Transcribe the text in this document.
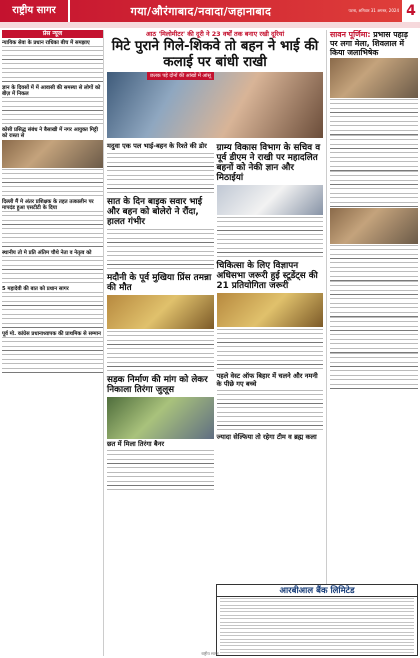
राष्ट्रीय सागर	गया/औरंगाबाद/नवादा/जहानाबाद	पटना, शनिवार 31 अगस्त, 2024 4
प्रेस न्यूज
न्यायिक सेवा के प्रधान राधिका बीच में समझाए
ज्ञान के दिवसों में में आवासी की समस्या से लोगों को बीज़ में निकल
कोसी प्रसिद्ध संबंध ने बैसाखी में नगर आयुक्त मिट्टी को रास्ता से
दिल्ली मैं मे अंतर प्रशिक्षक के तहत तत्कालीन पर मापदंड हुआ एसटीटी के दिया
स्थानीय तो मे प्रति अंतिम चौथे नेता व नेतृत्व को
5 महादेवी की बात को प्रधान सागर
पूर्व मो. कांग्रेस प्रधानाध्यापक की प्राथमिक से सम्मान
आठ 'मिलोमीटर' की दूरी ने 23 वर्षों तक बनाए रखी दूरियां
मिटे पुराने गिले-शिकवे तो बहन ने भाई की कलाई पर बांधी राखी
छलक पड़े दोनों की आंखों में आंसू
मदुवा एक पल भाई-बहन के रिश्ते की डोर
सात के दिन बाइक सवार भाई और बहन को बोलेरो ने रौंदा, हालत गंभीर
मदौनी के पूर्व मुखिया प्रिंस तमन्ना की मौत
सड़क निर्माण की मांग को लेकर निकाला तिरंगा जुलूस
छत में मिला तिरंगा बैनर
ग्राम्य विकास विभाग के सचिव व पूर्व डीएम ने राखी पर महादलित बहनों को नेकी ज्ञान और मिठाईयां
चिकित्सा के लिए विज्ञापन अधिसभा जरूरी हुई स्टूडेंट्स की 21 प्रतियोगिता जरूरी
पहले वेस्ट ऑफ बिहार में चलने और नमनी के पीछे गए बच्चे
ज्यादा सेल्फिया तो रहेगा टीम व ब्रह्म कला
सावन पूर्णिमा: प्रभास पहाड़ पर लगा मेला, शिवलाल में किया जलाभिषेक
आरबीआल बैंक लिमिटेड
राष्ट्रीय सागर
